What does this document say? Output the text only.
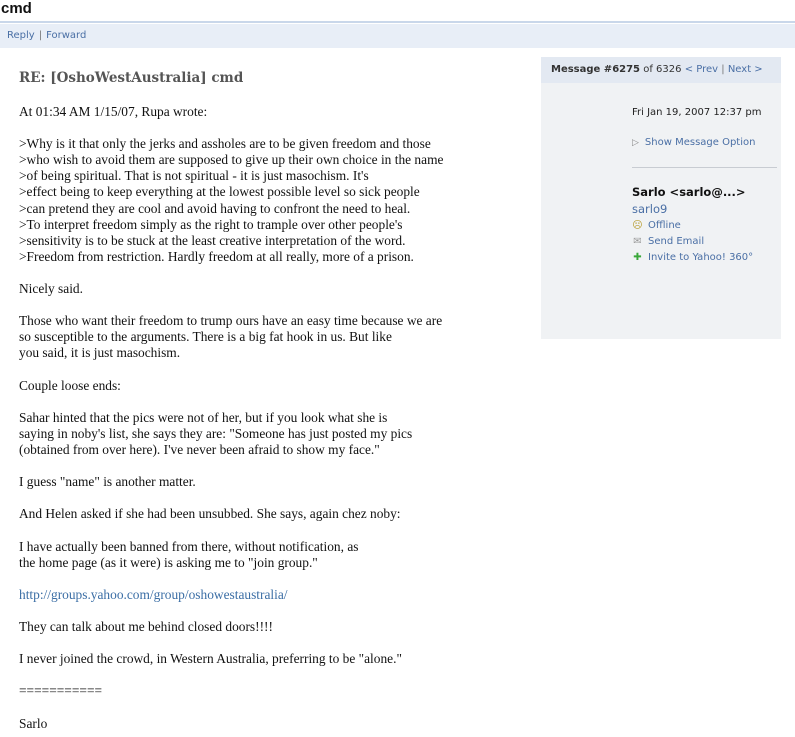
cmd
Reply | Forward
RE: [OshoWestAustralia] cmd
At 01:34 AM 1/15/07, Rupa wrote:
>Why is it that only the jerks and assholes are to be given freedom and those
>who wish to avoid them are supposed to give up their own choice in the name
>of being spiritual. That is not spiritual - it is just masochism. It's
>effect being to keep everything at the lowest possible level so sick people
>can pretend they are cool and avoid having to confront the need to heal.
>To interpret freedom simply as the right to trample over other people's
>sensitivity is to be stuck at the least creative interpretation of the word.
>Freedom from restriction. Hardly freedom at all really, more of a prison.
Nicely said.
Those who want their freedom to trump ours have an easy time because we are
so susceptible to the arguments. There is a big fat hook in us. But like
you said, it is just masochism.
Couple loose ends:
Sahar hinted that the pics were not of her, but if you look what she is
saying in noby's list, she says they are: "Someone has just posted my pics
(obtained from over here). I've never been afraid to show my face."
I guess "name" is another matter.
And Helen asked if she had been unsubbed. She says, again chez noby:
I have actually been banned from there, without notification, as
the home page (as it were) is asking me to "join group."
http://groups.yahoo.com/group/oshowestaustralia/
They can talk about me behind closed doors!!!!
I never joined the crowd, in Western Australia, preferring to be "alone."
===========
Sarlo
Message #6275 of 6326 < Prev | Next >
Fri Jan 19, 2007 12:37 pm
▷ Show Message Option
Sarlo <sarlo@...>
sarlo9
☹ Offline
✉ Send Email
✚ Invite to Yahoo! 360°
